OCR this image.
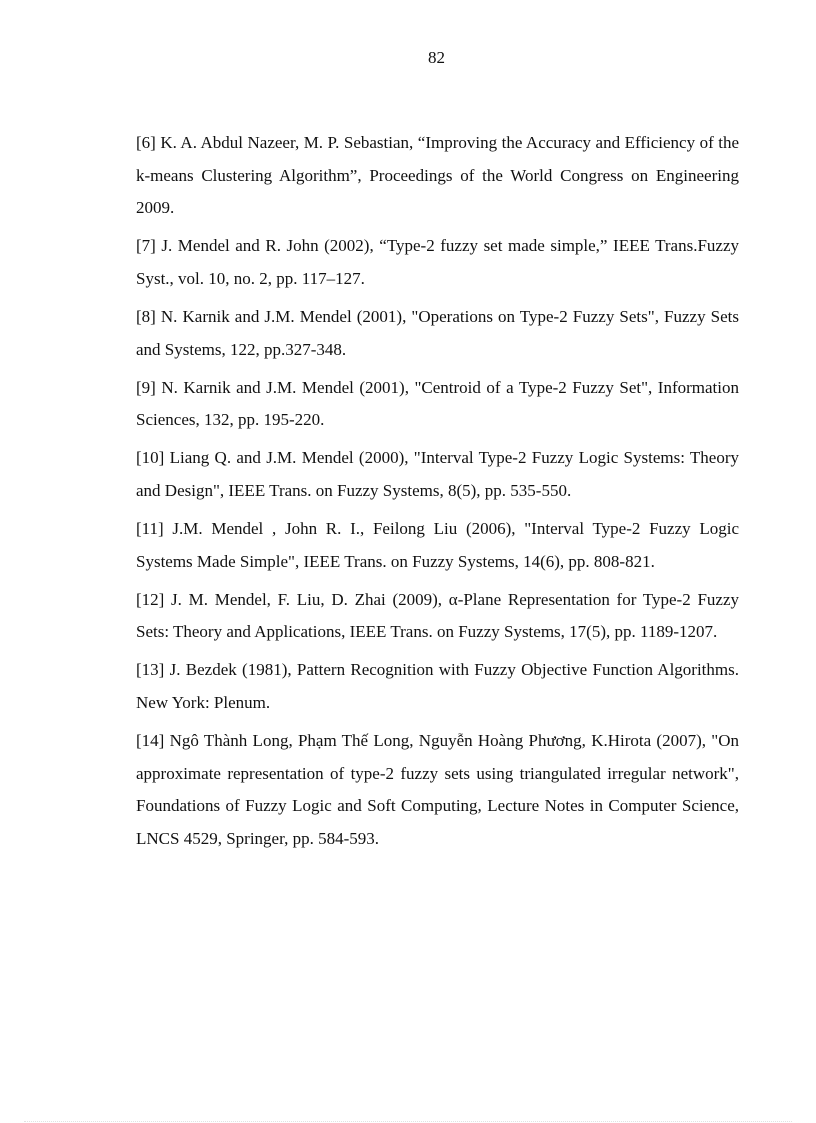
82
[6] K. A. Abdul Nazeer, M. P. Sebastian, “Improving the Accuracy and Efficiency of the k-means Clustering Algorithm”, Proceedings of the World Congress on Engineering 2009.
[7] J. Mendel and R. John (2002), “Type-2 fuzzy set made simple,” IEEE Trans.Fuzzy Syst., vol. 10, no. 2, pp. 117–127.
[8] N. Karnik and J.M. Mendel (2001), "Operations on Type-2 Fuzzy Sets", Fuzzy Sets and Systems, 122, pp.327-348.
[9] N. Karnik and J.M. Mendel (2001), "Centroid of a Type-2 Fuzzy Set", Information Sciences, 132, pp. 195-220.
[10] Liang Q. and J.M. Mendel (2000), "Interval Type-2 Fuzzy Logic Systems: Theory and Design", IEEE Trans. on Fuzzy Systems, 8(5), pp. 535-550.
[11] J.M. Mendel , John R. I., Feilong Liu (2006), "Interval Type-2 Fuzzy Logic Systems Made Simple", IEEE Trans. on Fuzzy Systems, 14(6), pp. 808-821.
[12] J. M. Mendel, F. Liu, D. Zhai (2009), α-Plane Representation for Type-2 Fuzzy Sets: Theory and Applications, IEEE Trans. on Fuzzy Systems, 17(5), pp. 1189-1207.
[13] J. Bezdek (1981), Pattern Recognition with Fuzzy Objective Function Algorithms. New York: Plenum.
[14] Ngô Thành Long, Phạm Thế Long, Nguyễn Hoàng Phương, K.Hirota (2007), "On approximate representation of type-2 fuzzy sets using triangulated irregular network", Foundations of Fuzzy Logic and Soft Computing, Lecture Notes in Computer Science, LNCS 4529, Springer, pp. 584-593.
